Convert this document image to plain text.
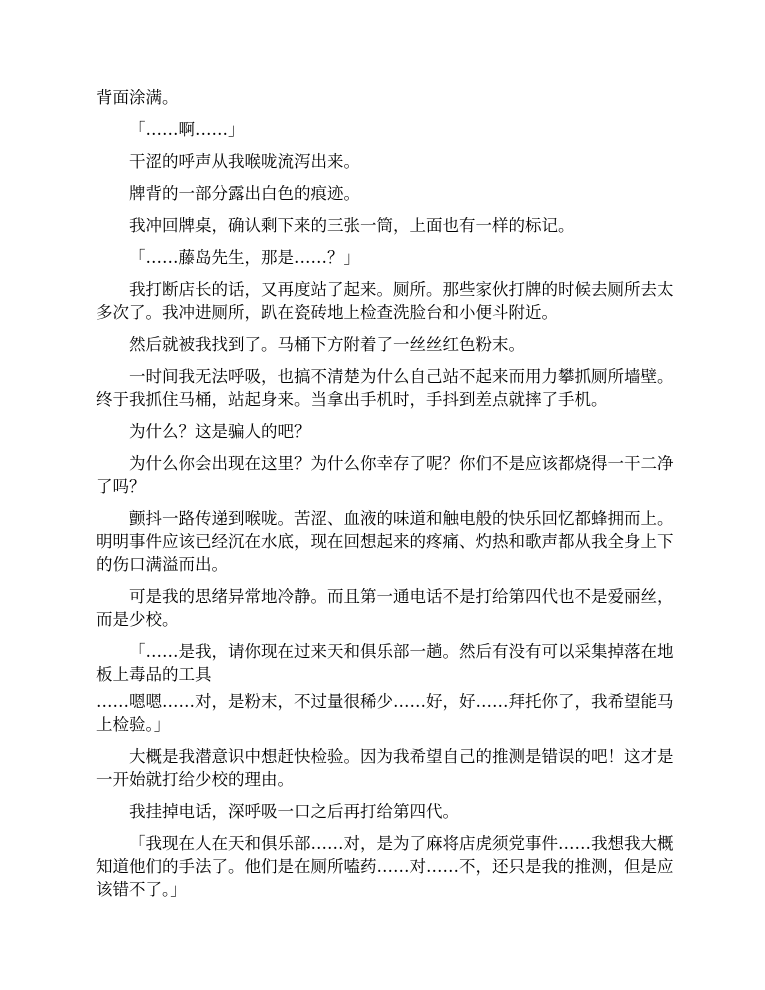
背面涂满。

「……啊……」

干涩的呼声从我喉咙流泻出来。

牌背的一部分露出白色的痕迹。

我冲回牌桌，确认剩下来的三张一筒，上面也有一样的标记。

「……藤岛先生，那是……？」

我打断店长的话，又再度站了起来。厕所。那些家伙打牌的时候去厕所去太多次了。我冲进厕所，趴在瓷砖地上检查洗脸台和小便斗附近。

然后就被我找到了。马桶下方附着了一丝丝红色粉末。

一时间我无法呼吸，也搞不清楚为什么自己站不起来而用力攀抓厕所墙壁。终于我抓住马桶，站起身来。当拿出手机时，手抖到差点就摔了手机。

为什么？这是骗人的吧？

为什么你会出现在这里？为什么你幸存了呢？你们不是应该都烧得一干二净了吗？

颤抖一路传递到喉咙。苦涩、血液的味道和触电般的快乐回忆都蜂拥而上。明明事件应该已经沉在水底，现在回想起来的疼痛、灼热和歌声都从我全身上下的伤口满溢而出。

可是我的思绪异常地冷静。而且第一通电话不是打给第四代也不是爱丽丝，而是少校。

「……是我，请你现在过来天和俱乐部一趟。然后有没有可以采集掉落在地板上毒品的工具

……嗯嗯……对，是粉末，不过量很稀少……好，好……拜托你了，我希望能马上检验。」

大概是我潜意识中想赶快检验。因为我希望自己的推测是错误的吧！这才是一开始就打给少校的理由。

我挂掉电话，深呼吸一口之后再打给第四代。

「我现在人在天和俱乐部……对，是为了麻将店虎须党事件……我想我大概知道他们的手法了。他们是在厕所嗑药……对……不，还只是我的推测，但是应该错不了。」
